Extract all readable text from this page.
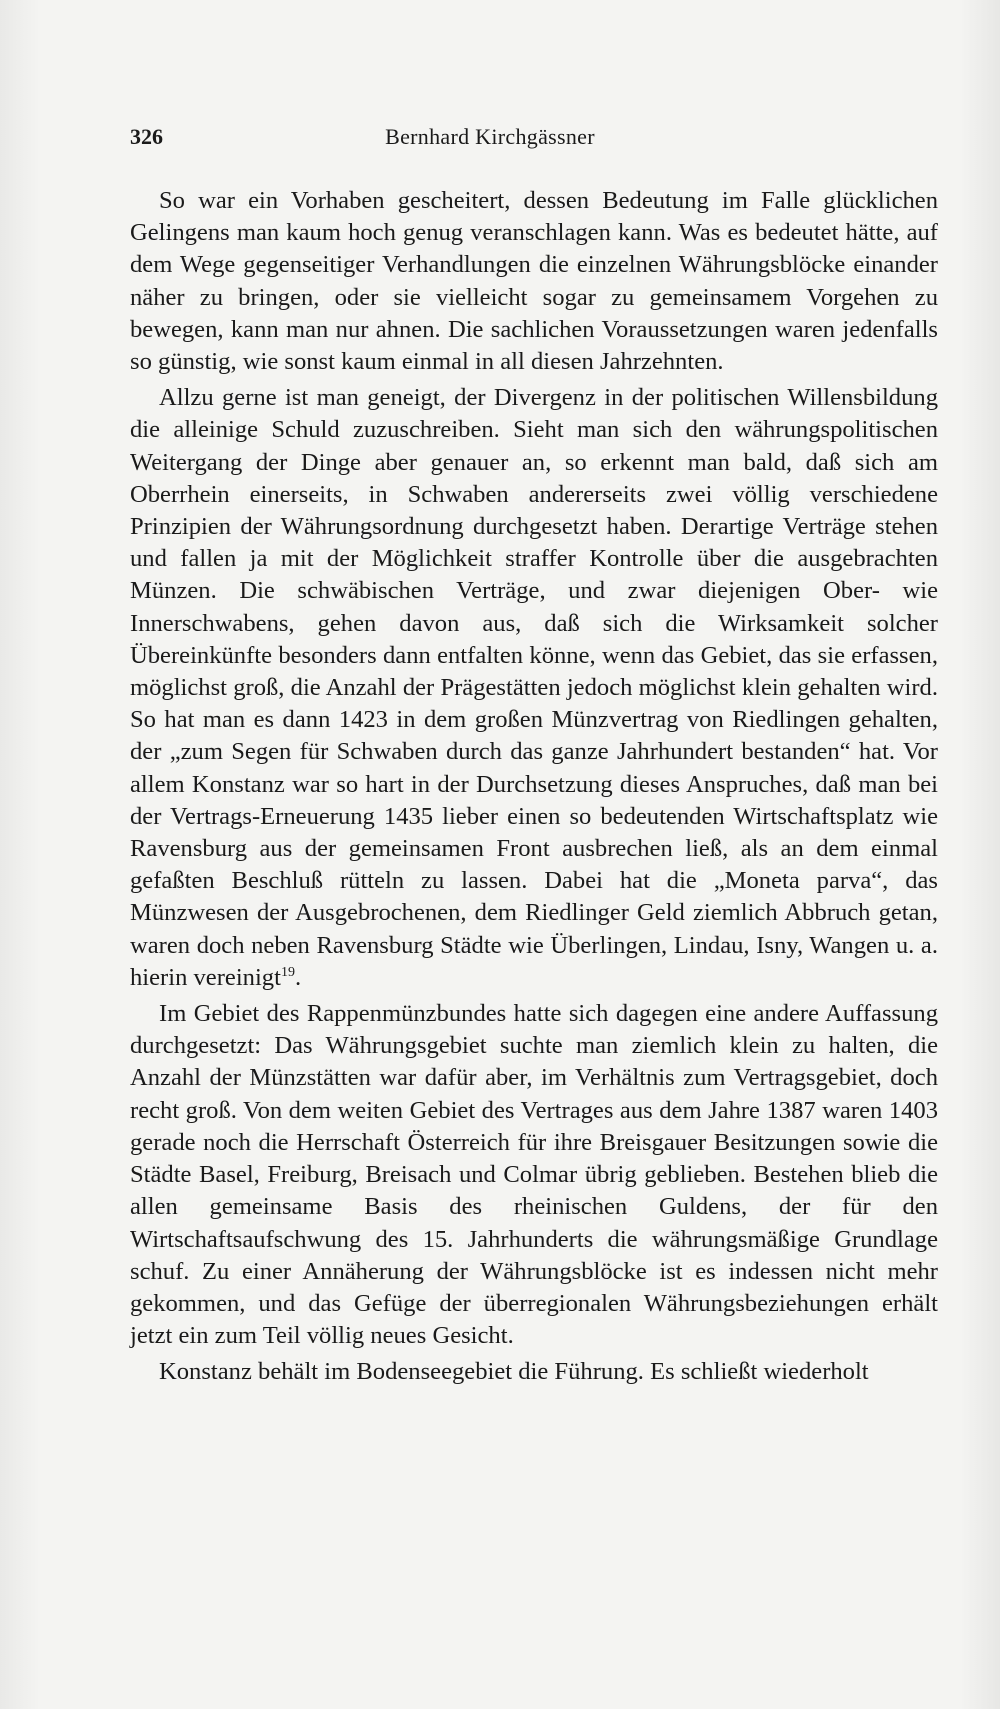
326	Bernhard Kirchgässner

So war ein Vorhaben gescheitert, dessen Bedeutung im Falle glücklichen Gelingens man kaum hoch genug veranschlagen kann. Was es bedeutet hätte, auf dem Wege gegenseitiger Verhandlungen die einzelnen Währungsblöcke einander näher zu bringen, oder sie vielleicht sogar zu gemeinsamem Vorgehen zu bewegen, kann man nur ahnen. Die sachlichen Voraussetzungen waren jedenfalls so günstig, wie sonst kaum einmal in all diesen Jahrzehnten.

Allzu gerne ist man geneigt, der Divergenz in der politischen Willensbildung die alleinige Schuld zuzuschreiben. Sieht man sich den währungspolitischen Weitergang der Dinge aber genauer an, so erkennt man bald, daß sich am Oberrhein einerseits, in Schwaben andererseits zwei völlig verschiedene Prinzipien der Währungsordnung durchgesetzt haben. Derartige Verträge stehen und fallen ja mit der Möglichkeit straffer Kontrolle über die ausgebrachten Münzen. Die schwäbischen Verträge, und zwar diejenigen Ober- wie Innerschwabens, gehen davon aus, daß sich die Wirksamkeit solcher Übereinkünfte besonders dann entfalten könne, wenn das Gebiet, das sie erfassen, möglichst groß, die Anzahl der Prägestätten jedoch möglichst klein gehalten wird. So hat man es dann 1423 in dem großen Münzvertrag von Riedlingen gehalten, der „zum Segen für Schwaben durch das ganze Jahrhundert bestanden“ hat. Vor allem Konstanz war so hart in der Durchsetzung dieses Anspruches, daß man bei der Vertrags-Erneuerung 1435 lieber einen so bedeutenden Wirtschaftsplatz wie Ravensburg aus der gemeinsamen Front ausbrechen ließ, als an dem einmal gefaßten Beschluß rütteln zu lassen. Dabei hat die „Moneta parva“, das Münzwesen der Ausgebrochenen, dem Riedlinger Geld ziemlich Abbruch getan, waren doch neben Ravensburg Städte wie Überlingen, Lindau, Isny, Wangen u. a. hierin vereinigt$^{19}$.

Im Gebiet des Rappenmünzbundes hatte sich dagegen eine andere Auffassung durchgesetzt: Das Währungsgebiet suchte man ziemlich klein zu halten, die Anzahl der Münzstätten war dafür aber, im Verhältnis zum Vertragsgebiet, doch recht groß. Von dem weiten Gebiet des Vertrages aus dem Jahre 1387 waren 1403 gerade noch die Herrschaft Österreich für ihre Breisgauer Besitzungen sowie die Städte Basel, Freiburg, Breisach und Colmar übrig geblieben. Bestehen blieb die allen gemeinsame Basis des rheinischen Guldens, der für den Wirtschaftsaufschwung des 15. Jahrhunderts die währungsmäßige Grundlage schuf. Zu einer Annäherung der Währungsblöcke ist es indessen nicht mehr gekommen, und das Gefüge der überregionalen Währungsbeziehungen erhält jetzt ein zum Teil völlig neues Gesicht.

Konstanz behält im Bodenseegebiet die Führung. Es schließt wiederholt
